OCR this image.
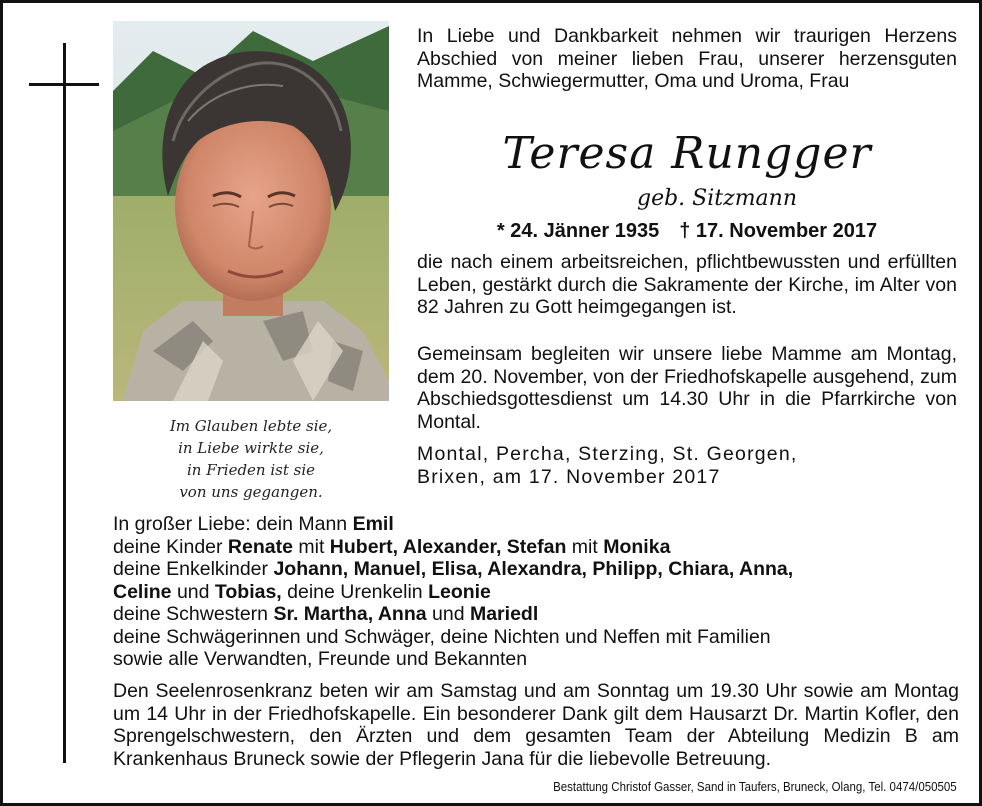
Im Glauben lebte sie,
in Liebe wirkte sie,
in Frieden ist sie
von uns gegangen.

In Liebe und Dankbarkeit nehmen wir traurigen Herzens Abschied von meiner lieben Frau, unserer herzensguten Mamme, Schwiegermutter, Oma und Uroma, Frau

Teresa Rungger
geb. Sitzmann
* 24. Jänner 1935 † 17. November 2017

die nach einem arbeitsreichen, pflichtbewussten und erfüllten Leben, gestärkt durch die Sakramente der Kirche, im Alter von 82 Jahren zu Gott heimgegangen ist.

Gemeinsam begleiten wir unsere liebe Mamme am Montag, dem 20. November, von der Friedhofskapelle ausgehend, zum Abschiedsgottesdienst um 14.30 Uhr in die Pfarrkirche von Montal.

Montal, Percha, Sterzing, St. Georgen,
Brixen, am 17. November 2017
In großer Liebe: dein Mann Emil
deine Kinder Renate mit Hubert, Alexander, Stefan mit Monika
deine Enkelkinder Johann, Manuel, Elisa, Alexandra, Philipp, Chiara, Anna,
Celine und Tobias, deine Urenkelin Leonie
deine Schwestern Sr. Martha, Anna und Mariedl
deine Schwägerinnen und Schwäger, deine Nichten und Neffen mit Familien
sowie alle Verwandten, Freunde und Bekannten

Den Seelenrosenkranz beten wir am Samstag und am Sonntag um 19.30 Uhr sowie am Montag um 14 Uhr in der Friedhofskapelle. Ein besonderer Dank gilt dem Hausarzt Dr. Martin Kofler, den Sprengelschwestern, den Ärzten und dem gesamten Team der Abteilung Medizin B am Krankenhaus Bruneck sowie der Pflegerin Jana für die liebevolle Betreuung.

Bestattung Christof Gasser, Sand in Taufers, Bruneck, Olang, Tel. 0474/050505
